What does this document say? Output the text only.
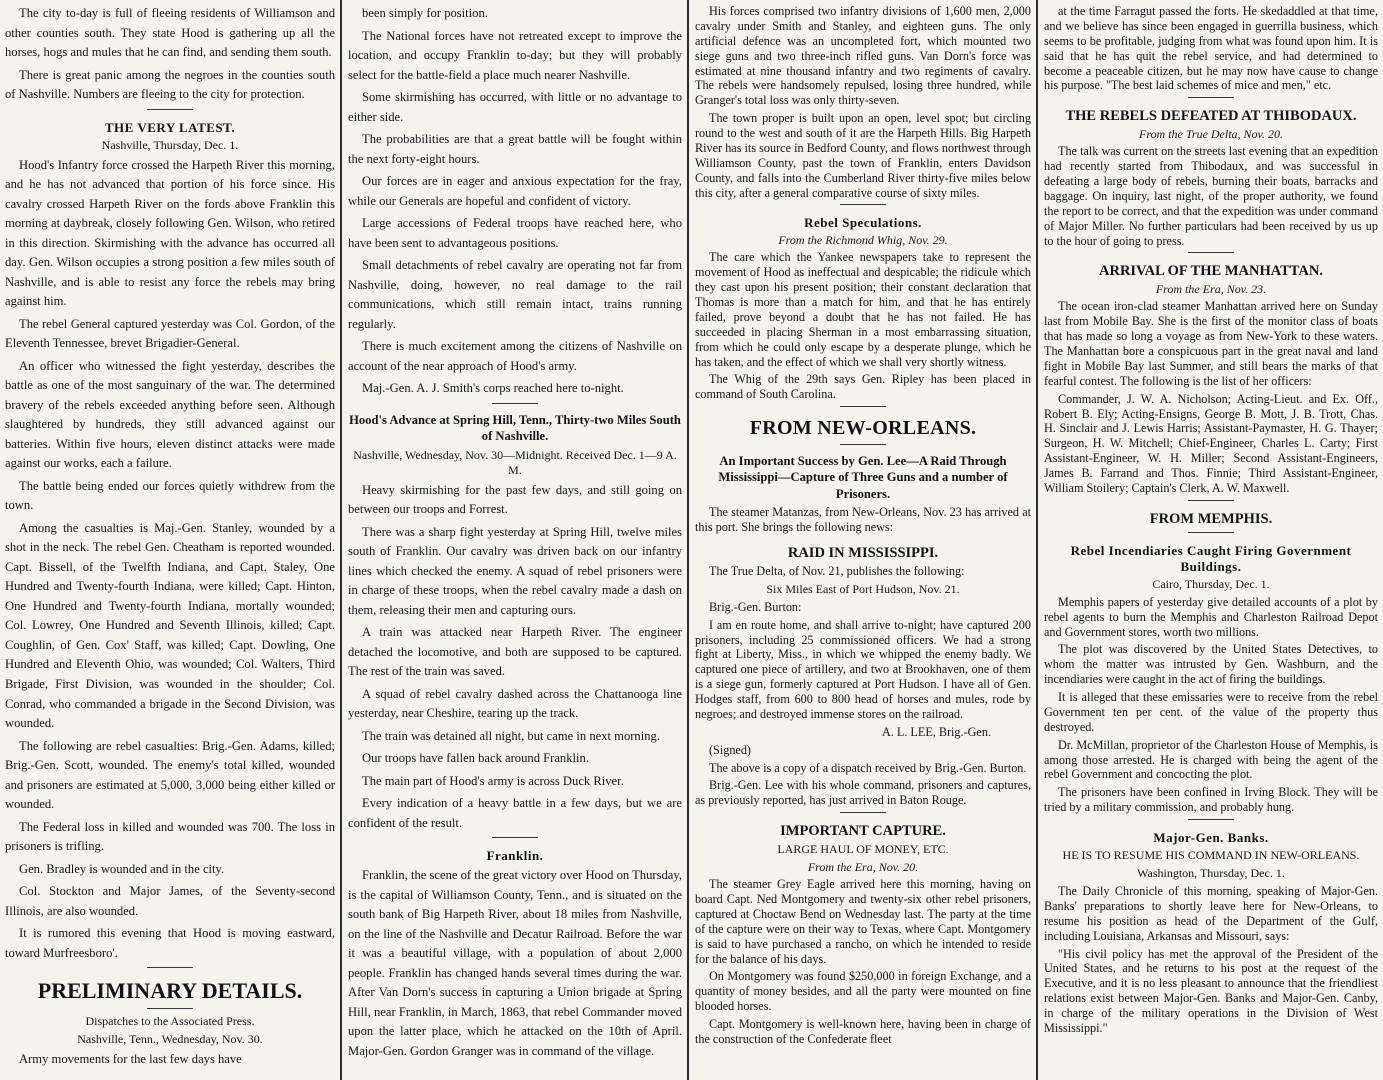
The city to-day is full of fleeing residents of Williamson and other counties south. They state Hood is gathering up all the horses, hogs and mules that he can find, and sending them south.

There is great panic among the negroes in the counties south of Nashville. Numbers are fleeing to the city for protection.

THE VERY LATEST.
Nashville, Thursday, Dec. 1.

Hood's Infantry force crossed the Harpeth River this morning, and he has not advanced that portion of his force since. His cavalry crossed Harpeth River on the fords above Franklin this morning at daybreak, closely following Gen. Wilson, who retired in this direction. Skirmishing with the advance has occurred all day. Gen. Wilson occupies a strong position a few miles south of Nashville, and is able to resist any force the rebels may bring against him.

The rebel General captured yesterday was Col. Gordon, of the Eleventh Tennessee, brevet Brigadier-General.

An officer who witnessed the fight yesterday, describes the battle as one of the most sanguinary of the war. The determined bravery of the rebels exceeded anything before seen. Although slaughtered by hundreds, they still advanced against our batteries. Within five hours, eleven distinct attacks were made against our works, each a failure.

The battle being ended our forces quietly withdrew from the town.

Among the casualties is Maj.-Gen. Stanley, wounded by a shot in the neck. The rebel Gen. Cheatham is reported wounded. Capt. Bissell, of the Twelfth Indiana, and Capt. Staley, One Hundred and Twenty-fourth Indiana, were killed; Capt. Hinton, One Hundred and Twenty-fourth Indiana, mortally wounded; Col. Lowrey, One Hundred and Seventh Illinois, killed; Capt. Coughlin, of Gen. Cox' Staff, was killed; Capt. Dowling, One Hundred and Eleventh Ohio, was wounded; Col. Walters, Third Brigade, First Division, was wounded in the shoulder; Col. Conrad, who commanded a brigade in the Second Division, was wounded.

The following are rebel casualties: Brig.-Gen. Adams, killed; Brig.-Gen. Scott, wounded. The enemy's total killed, wounded and prisoners are estimated at 5,000, 3,000 being either killed or wounded.

The Federal loss in killed and wounded was 700. The loss in prisoners is trifling.

Gen. Bradley is wounded and in the city.

Col. Stockton and Major James, of the Seventy-second Illinois, are also wounded.

It is rumored this evening that Hood is moving eastward, toward Murfreesboro'.

PRELIMINARY DETAILS.
Dispatches to the Associated Press.
Nashville, Tenn., Wednesday, Nov. 30.

Army movements for the last few days have

been simply for position.

The National forces have not retreated except to improve the location, and occupy Franklin to-day; but they will probably select for the battle-field a place much nearer Nashville.

Some skirmishing has occurred, with little or no advantage to either side.

The probabilities are that a great battle will be fought within the next forty-eight hours.

Our forces are in eager and anxious expectation for the fray, while our Generals are hopeful and confident of victory.

Large accessions of Federal troops have reached here, who have been sent to advantageous positions.

Small detachments of rebel cavalry are operating not far from Nashville, doing, however, no real damage to the rail communications, which still remain intact, trains running regularly.

There is much excitement among the citizens of Nashville on account of the near approach of Hood's army.

Maj.-Gen. A. J. Smith's corps reached here to-night.

Hood's Advance at Spring Hill, Tenn., Thirty-two Miles South of Nashville.
Nashville, Wednesday, Nov. 30—Midnight. Received Dec. 1—9 A. M.

Heavy skirmishing for the past few days, and still going on between our troops and Forrest.

There was a sharp fight yesterday at Spring Hill, twelve miles south of Franklin. Our cavalry was driven back on our infantry lines which checked the enemy. A squad of rebel prisoners were in charge of these troops, when the rebel cavalry made a dash on them, releasing their men and capturing ours.

A train was attacked near Harpeth River. The engineer detached the locomotive, and both are supposed to be captured. The rest of the train was saved.

A squad of rebel cavalry dashed across the Chattanooga line yesterday, near Cheshire, tearing up the track.

The train was detained all night, but came in next morning.

Our troops have fallen back around Franklin.

The main part of Hood's army is across Duck River.

Every indication of a heavy battle in a few days, but we are confident of the result.

Franklin.

Franklin, the scene of the great victory over Hood on Thursday, is the capital of Williamson County, Tenn., and is situated on the south bank of Big Harpeth River, about 18 miles from Nashville, on the line of the Nashville and Decatur Railroad. Before the war it was a beautiful village, with a population of about 2,000 people. Franklin has changed hands several times during the war. After Van Dorn's success in capturing a Union brigade at Spring Hill, near Franklin, in March, 1863, that rebel Commander moved upon the latter place, which he attacked on the 10th of April. Major-Gen. Gordon Granger was in command of the village.

His forces comprised two infantry divisions of 1,600 men, 2,000 cavalry under Smith and Stanley, and eighteen guns. The only artificial defence was an uncompleted fort, which mounted two siege guns and two three-inch rifled guns. Van Dorn's force was estimated at nine thousand infantry and two regiments of cavalry. The rebels were handsomely repulsed, losing three hundred, while Granger's total loss was only thirty-seven.

The town proper is built upon an open, level spot; but circling round to the west and south of it are the Harpeth Hills. Big Harpeth River has its source in Bedford County, and flows northwest through Williamson County, past the town of Franklin, enters Davidson County, and falls into the Cumberland River thirty-five miles below this city, after a general comparative course of sixty miles.

Rebel Speculations.
From the Richmond Whig, Nov. 29.

The care which the Yankee newspapers take to represent the movement of Hood as ineffectual and despicable; the ridicule which they cast upon his present position; their constant declaration that Thomas is more than a match for him, and that he has entirely failed, prove beyond a doubt that he has not failed. He has succeeded in placing Sherman in a most embarrassing situation, from which he could only escape by a desperate plunge, which he has taken, and the effect of which we shall very shortly witness.

The Whig of the 29th says Gen. Ripley has been placed in command of South Carolina.

FROM NEW-ORLEANS.
An Important Success by Gen. Lee—A Raid Through Mississippi—Capture of Three Guns and a number of Prisoners.

The steamer Matanzas, from New-Orleans, Nov. 23 has arrived at this port. She brings the following news:

RAID IN MISSISSIPPI.

The True Delta, of Nov. 21, publishes the following:

Six Miles East of Port Hudson, Nov. 21.

Brig.-Gen. Burton:

I am en route home, and shall arrive to-night; have captured 200 prisoners, including 25 commissioned officers. We had a strong fight at Liberty, Miss., in which we whipped the enemy badly. We captured one piece of artillery, and two at Brookhaven, one of them is a siege gun, formerly captured at Port Hudson. I have all of Gen. Hodges staff, from 600 to 800 head of horses and mules, rode by negroes; and destroyed immense stores on the railroad.

A. L. LEE, Brig.-Gen.

(Signed)

The above is a copy of a dispatch received by Brig.-Gen. Burton.

Brig.-Gen. Lee with his whole command, prisoners and captures, as previously reported, has just arrived in Baton Rouge.

IMPORTANT CAPTURE.
LARGE HAUL OF MONEY, ETC.
From the Era, Nov. 20.

The steamer Grey Eagle arrived here this morning, having on board Capt. Ned Montgomery and twenty-six other rebel prisoners, captured at Choctaw Bend on Wednesday last. The party at the time of the capture were on their way to Texas, where Capt. Montgomery is said to have purchased a rancho, on which he intended to reside for the balance of his days.

On Montgomery was found $250,000 in foreign Exchange, and a quantity of money besides, and all the party were mounted on fine blooded horses.

Capt. Montgomery is well-known here, having been in charge of the construction of the Confederate fleet

at the time Farragut passed the forts. He skedaddled at that time, and we believe has since been engaged in guerrilla business, which seems to be profitable, judging from what was found upon him. It is said that he has quit the rebel service, and had determined to become a peaceable citizen, but he may now have cause to change his purpose. "The best laid schemes of mice and men," etc.

THE REBELS DEFEATED AT THIBODAUX.
From the True Delta, Nov. 20.

The talk was current on the streets last evening that an expedition had recently started from Thibodaux, and was successful in defeating a large body of rebels, burning their boats, barracks and baggage. On inquiry, last night, of the proper authority, we found the report to be correct, and that the expedition was under command of Major Miller. No further particulars had been received by us up to the hour of going to press.

ARRIVAL OF THE MANHATTAN.
From the Era, Nov. 23.

The ocean iron-clad steamer Manhattan arrived here on Sunday last from Mobile Bay. She is the first of the monitor class of boats that has made so long a voyage as from New-York to these waters. The Manhattan bore a conspicuous part in the great naval and land fight in Mobile Bay last Summer, and still bears the marks of that fearful contest. The following is the list of her officers:

Commander, J. W. A. Nicholson; Acting-Lieut. and Ex. Off., Robert B. Ely; Acting-Ensigns, George B. Mott, J. B. Trott, Chas. H. Sinclair and J. Lewis Harris; Assistant-Paymaster, H. G. Thayer; Surgeon, H. W. Mitchell; Chief-Engineer, Charles L. Carty; First Assistant-Engineer, W. H. Miller; Second Assistant-Engineers, James B. Farrand and Thos. Finnie; Third Assistant-Engineer, William Stoilery; Captain's Clerk, A. W. Maxwell.

FROM MEMPHIS.
Rebel Incendiaries Caught Firing Government Buildings.
Cairo, Thursday, Dec. 1.

Memphis papers of yesterday give detailed accounts of a plot by rebel agents to burn the Memphis and Charleston Railroad Depot and Government stores, worth two millions.

The plot was discovered by the United States Detectives, to whom the matter was intrusted by Gen. Washburn, and the incendiaries were caught in the act of firing the buildings.

It is alleged that these emissaries were to receive from the rebel Government ten per cent. of the value of the property thus destroyed.

Dr. McMillan, proprietor of the Charleston House of Memphis, is among those arrested. He is charged with being the agent of the rebel Government and concocting the plot.

The prisoners have been confined in Irving Block. They will be tried by a military commission, and probably hung.

Major-Gen. Banks.
HE IS TO RESUME HIS COMMAND IN NEW-ORLEANS.
Washington, Thursday, Dec. 1.

The Daily Chronicle of this morning, speaking of Major-Gen. Banks' preparations to shortly leave here for New-Orleans, to resume his position as head of the Department of the Gulf, including Louisiana, Arkansas and Missouri, says:

"His civil policy has met the approval of the President of the United States, and he returns to his post at the request of the Executive, and it is no less pleasant to announce that the friendliest relations exist between Major-Gen. Banks and Major-Gen. Canby, in charge of the military operations in the Division of West Mississippi."
